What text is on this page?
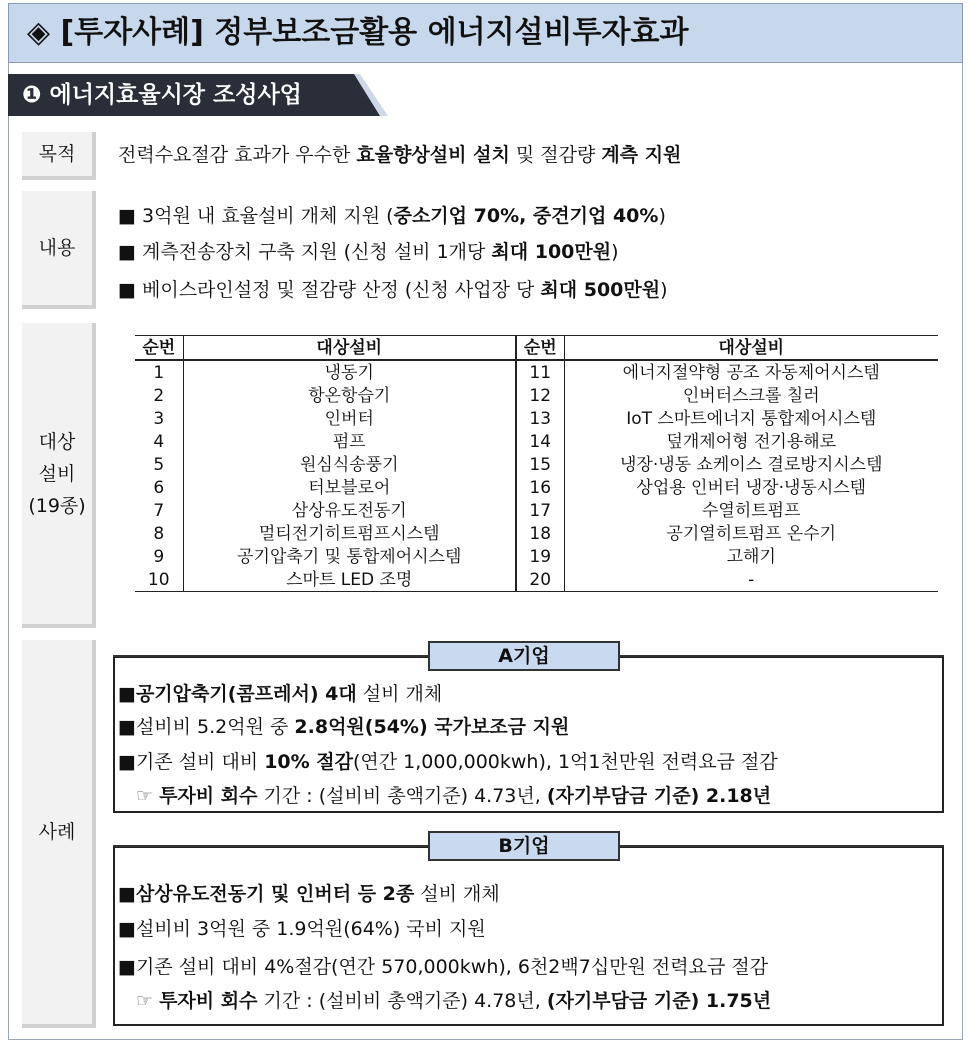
◈ [투자사례] 정부보조금활용 에너지설비투자효과
❶ 에너지효율시장 조성사업
목적	전력수요절감 효과가 우수한 효율향상설비 설치 및 절감량 계측 지원
내용
■ 3억원 내 효율설비 개체 지원 (중소기업 70%, 중견기업 40%)
■ 계측전송장치 구축 지원 (신청 설비 1개당 최대 100만원)
■ 베이스라인설정 및 절감량 산정 (신청 사업장 당 최대 500만원)
대상
설비
(19종)
순번	대상설비	순번	대상설비
1	냉동기	11	에너지절약형 공조 자동제어시스템
2	항온항습기	12	인버터스크롤 칠러
3	인버터	13	IoT 스마트에너지 통합제어시스템
4	펌프	14	덮개제어형 전기용해로
5	원심식송풍기	15	냉장·냉동 쇼케이스 결로방지시스템
6	터보블로어	16	상업용 인버터 냉장·냉동시스템
7	삼상유도전동기	17	수열히트펌프
8	멀티전기히트펌프시스템	18	공기열히트펌프 온수기
9	공기압축기 및 통합제어시스템	19	고해기
10	스마트 LED 조명	20	-
사례
A기업
■공기압축기(콤프레서) 4대 설비 개체
■설비비 5.2억원 중 2.8억원(54%) 국가보조금 지원
■기존 설비 대비 10% 절감(연간 1,000,000kwh), 1억1천만원 전력요금 절감
☞ 투자비 회수 기간 : (설비비 총액기준) 4.73년, (자기부담금 기준) 2.18년
B기업
■삼상유도전동기 및 인버터 등 2종 설비 개체
■설비비 3억원 중 1.9억원(64%) 국비 지원
■기존 설비 대비 4%절감(연간 570,000kwh), 6천2백7십만원 전력요금 절감
☞ 투자비 회수 기간 : (설비비 총액기준) 4.78년, (자기부담금 기준) 1.75년
